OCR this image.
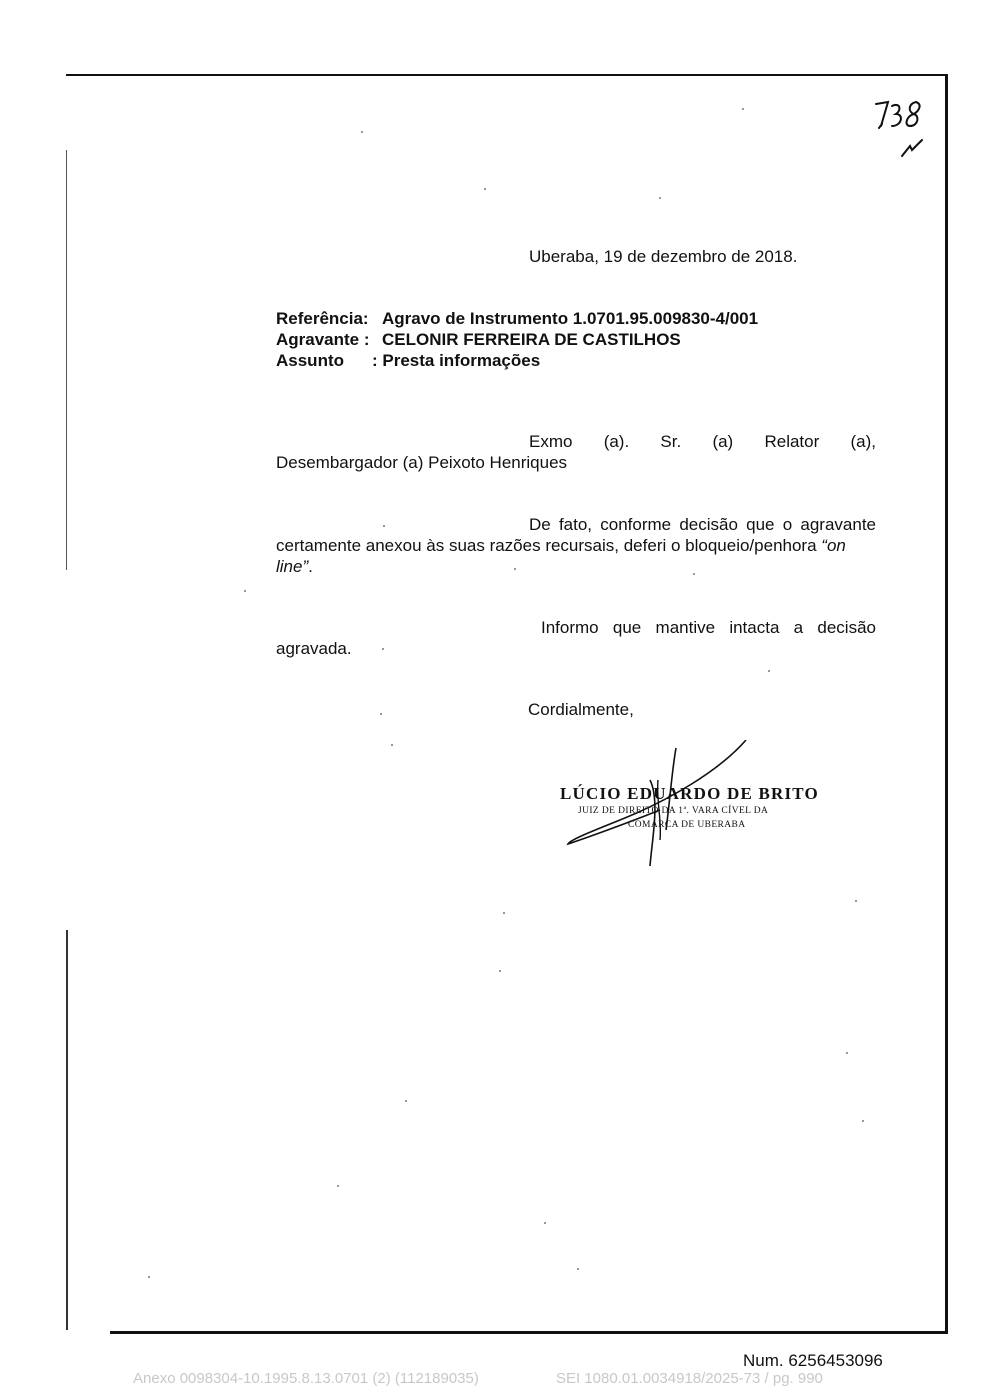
Uberaba, 19 de dezembro de 2018.
Referência: Agravo de Instrumento 1.0701.95.009830-4/001
Agravante : CELONIR FERREIRA DE CASTILHOS
Assunto : Presta informações
Exmo (a). Sr. (a) Relator (a),
Desembargador (a) Peixoto Henriques
De fato, conforme decisão que o agravante
certamente anexou às suas razões recursais, deferi o bloqueio/penhora “on
line”.
Informo que mantive intacta a decisão
agravada.
Cordialmente,
LÚCIO EDUARDO DE BRITO
JUIZ DE DIREITO DA 1ª. VARA CÍVEL DA
COMARCA DE UBERABA
Num. 6256453096
Anexo 0098304-10.1995.8.13.0701 (2) (112189035)	SEI 1080.01.0034918/2025-73 / pg. 990
